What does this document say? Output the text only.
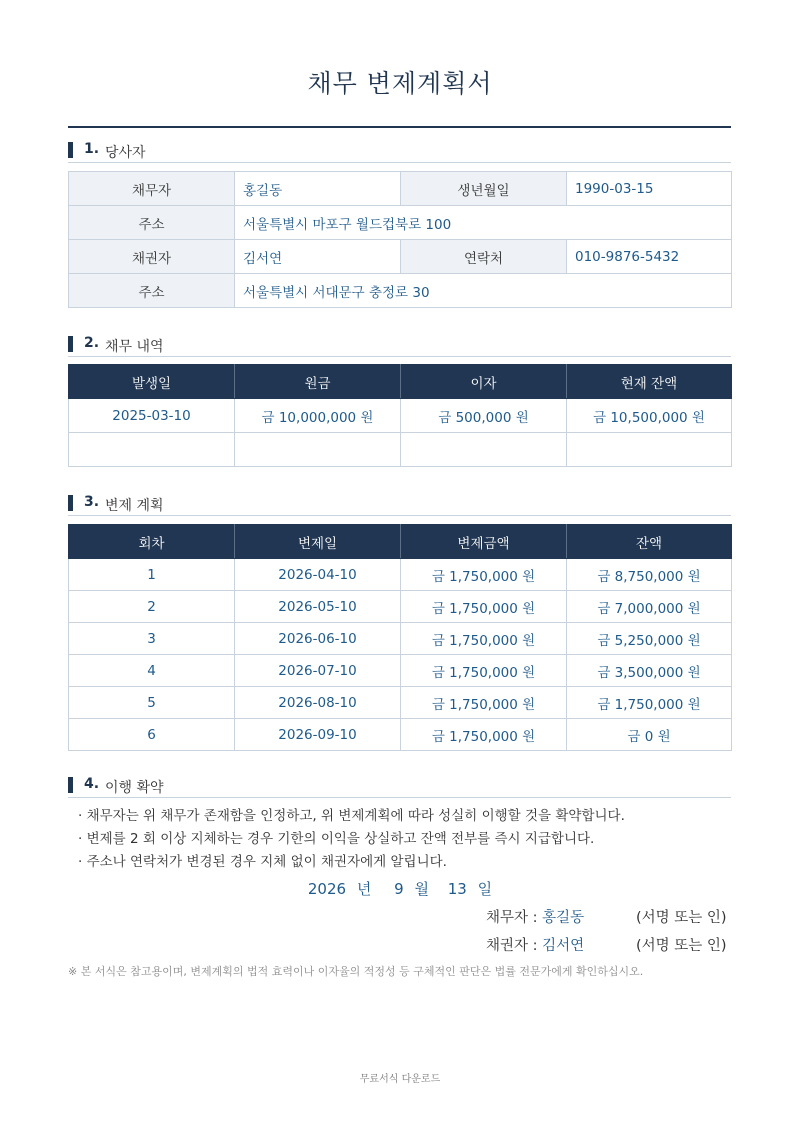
채무 변제계획서
1. 당사자
채무자	홍길동	생년월일	1990-03-15
주소	서울특별시 마포구 월드컵북로 100		
채권자	김서연	연락처	010-9876-5432
주소	서울특별시 서대문구 충정로 30		
2. 채무 내역
발생일	원금	이자	현재 잔액
2025-03-10	금 10,000,000 원	금 500,000 원	금 10,500,000 원

3. 변제 계획
회차	변제일	변제금액	잔액
1	2026-04-10	금 1,750,000 원	금 8,750,000 원
2	2026-05-10	금 1,750,000 원	금 7,000,000 원
3	2026-06-10	금 1,750,000 원	금 5,250,000 원
4	2026-07-10	금 1,750,000 원	금 3,500,000 원
5	2026-08-10	금 1,750,000 원	금 1,750,000 원
6	2026-09-10	금 1,750,000 원	금 0 원
4. 이행 확약
· 채무자는 위 채무가 존재함을 인정하고, 위 변제계획에 따라 성실히 이행할 것을 확약합니다.
· 변제를 2 회 이상 지체하는 경우 기한의 이익을 상실하고 잔액 전부를 즉시 지급합니다.
· 주소나 연락처가 변경된 경우 지체 없이 채권자에게 알립니다.
2026 년 9 월 13 일
채무자 : 홍길동	(서명 또는 인)
채권자 : 김서연	(서명 또는 인)
※ 본 서식은 참고용이며, 변제계획의 법적 효력이나 이자율의 적정성 등 구체적인 판단은 법률 전문가에게 확인하십시오.
무료서식 다운로드
